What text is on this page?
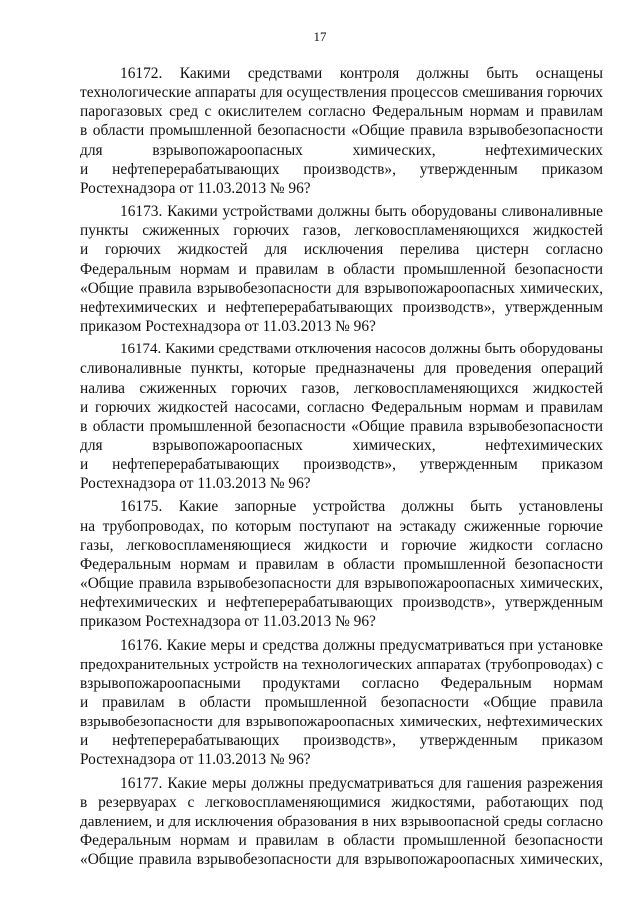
17
16172. Какими средствами контроля должны быть оснащены
технологические аппараты для осуществления процессов смешивания горючих
парогазовых сред с окислителем согласно Федеральным нормам и правилам
в области промышленной безопасности «Общие правила взрывобезопасности
для взрывопожароопасных химических, нефтехимических
и нефтеперерабатывающих производств», утвержденным приказом
Ростехнадзора от 11.03.2013 № 96?
16173. Какими устройствами должны быть оборудованы сливоналивные
пункты сжиженных горючих газов, легковоспламеняющихся жидкостей
и горючих жидкостей для исключения перелива цистерн согласно
Федеральным нормам и правилам в области промышленной безопасности
«Общие правила взрывобезопасности для взрывопожароопасных химических,
нефтехимических и нефтеперерабатывающих производств», утвержденным
приказом Ростехнадзора от 11.03.2013 № 96?
16174. Какими средствами отключения насосов должны быть оборудованы
сливоналивные пункты, которые предназначены для проведения операций
налива сжиженных горючих газов, легковоспламеняющихся жидкостей
и горючих жидкостей насосами, согласно Федеральным нормам и правилам
в области промышленной безопасности «Общие правила взрывобезопасности
для взрывопожароопасных химических, нефтехимических
и нефтеперерабатывающих производств», утвержденным приказом
Ростехнадзора от 11.03.2013 № 96?
16175. Какие запорные устройства должны быть установлены
на трубопроводах, по которым поступают на эстакаду сжиженные горючие
газы, легковоспламеняющиеся жидкости и горючие жидкости согласно
Федеральным нормам и правилам в области промышленной безопасности
«Общие правила взрывобезопасности для взрывопожароопасных химических,
нефтехимических и нефтеперерабатывающих производств», утвержденным
приказом Ростехнадзора от 11.03.2013 № 96?
16176. Какие меры и средства должны предусматриваться при установке
предохранительных устройств на технологических аппаратах (трубопроводах) с
взрывопожароопасными продуктами согласно Федеральным нормам
и правилам в области промышленной безопасности «Общие правила
взрывобезопасности для взрывопожароопасных химических, нефтехимических
и нефтеперерабатывающих производств», утвержденным приказом
Ростехнадзора от 11.03.2013 № 96?
16177. Какие меры должны предусматриваться для гашения разрежения
в резервуарах с легковоспламеняющимися жидкостями, работающих под
давлением, и для исключения образования в них взрывоопасной среды согласно
Федеральным нормам и правилам в области промышленной безопасности
«Общие правила взрывобезопасности для взрывопожароопасных химических,
